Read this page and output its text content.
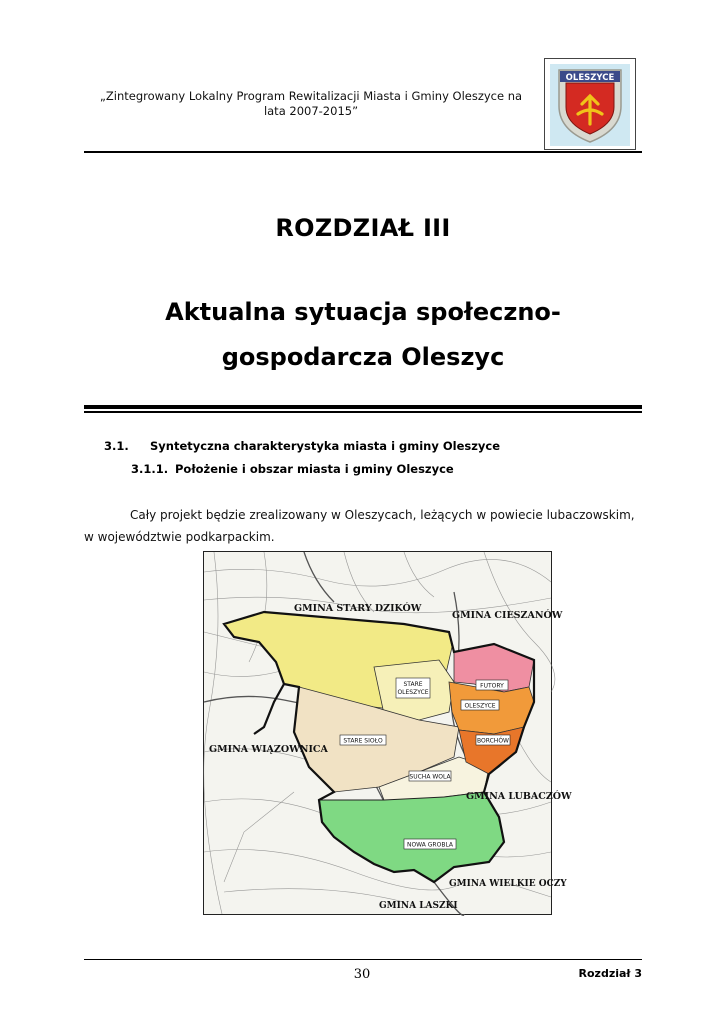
„Zintegrowany Lokalny Program Rewitalizacji Miasta i Gminy Oleszyce na lata 2007-2015”
OLESZYCE
ROZDZIAŁ III
Aktualna sytuacja społeczno-
gospodarcza Oleszyc
3.1. Syntetyczna charakterystyka miasta i gminy Oleszyce
3.1.1. Położenie i obszar miasta i gminy Oleszyce
Cały projekt będzie zrealizowany w Oleszycach, leżących w powiecie lubaczowskim, w województwie podkarpackim.
GMINA STARY DZIKÓW
GMINA CIESZANÓW
GMINA WIĄZOWNICA
GMINA LUBACZÓW
GMINA WIELKIE OCZY
GMINA LASZKI
STARE
OLESZYCE
OLESZYCE
FUTORY
BORCHÓW
STARE SIOŁO
SUCHA WOLA
NOWA GROBLA
30	Rozdział 3
